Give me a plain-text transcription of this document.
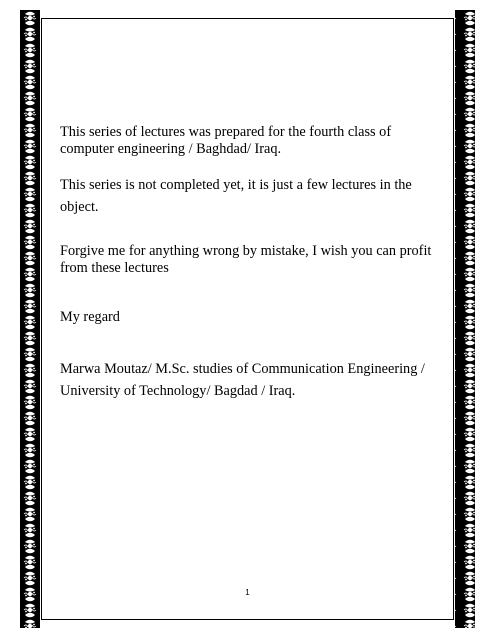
This series of lectures was prepared for the fourth class of computer engineering / Baghdad/ Iraq.

This series is not completed yet, it is just a few lectures in the object.

Forgive me for anything wrong by mistake, I wish you can profit from these lectures

My regard

Marwa Moutaz/ M.Sc. studies of Communication Engineering / University of Technology/ Bagdad / Iraq.

1
